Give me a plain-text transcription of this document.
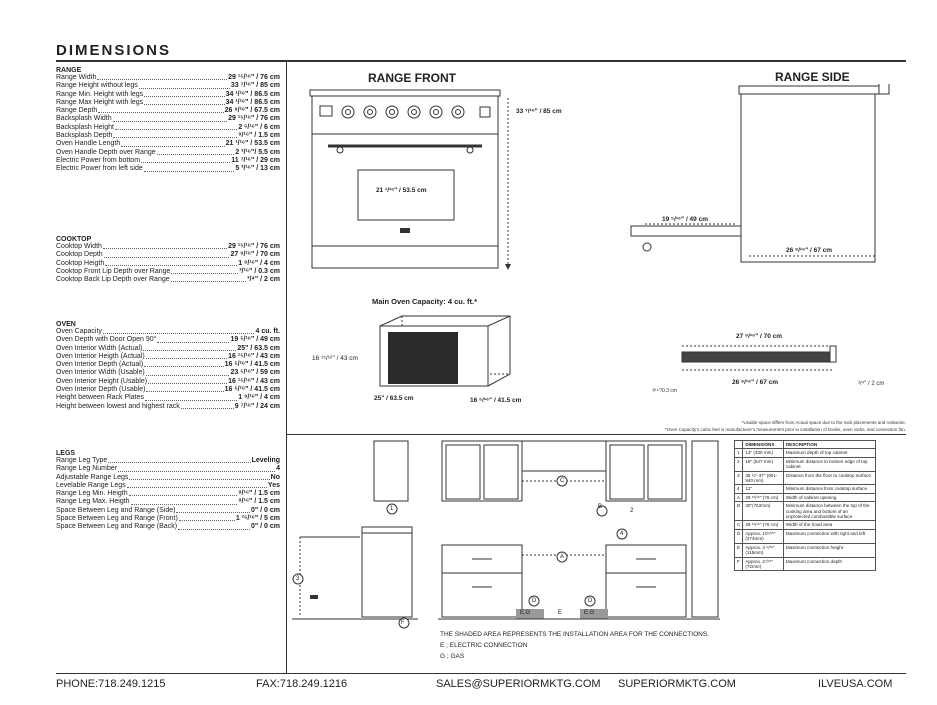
DIMENSIONS
RANGE
Range Width	29 ¹⁵/¹⁶" / 76 cm
Range Height without legs	33 ⁷/¹⁶" / 85 cm
Range Min. Height with legs	34 ¹/¹⁶" / 86.5 cm
Range Max Height with legs	34 ¹/¹⁶" / 86.5 cm
Range Depth	26 ⁹/¹⁶" / 67.5 cm
Backsplash Width	29 ¹⁵/¹⁶" / 76 cm
Backsplash Height	2 ⁶/¹⁶" / 6 cm
Backsplash Depth	⁹/¹⁶" / 1.5 cm
Oven Handle Length	21 ¹/¹⁶" / 53.5 cm
Oven Handle Depth over Range	2 ³/¹⁶"/ 5.5 cm
Electric Power from bottom	11 ⁷/¹⁶" / 29 cm
Electric Power from left side	5 ³/¹⁶" / 13 cm
COOKTOP
Cooktop Width	29 ¹⁵/¹⁶" / 76 cm
Cooktop Depth	27 ⁹/¹⁶" / 70 cm
Cooktop Heigth	1 ⁹/¹⁶" / 4 cm
Cooktop Front Lip Depth over Range	³/¹⁶" / 0.3 cm
Cooktop Back Lip Depth over Range	³/⁴" / 2 cm
OVEN
Oven Capacity	4 cu. ft.
Oven Depth with Door Open 90°	19 ⁵/¹⁶" / 49 cm
Oven Interior Width (Actual)	25" / 63.5 cm
Oven Interior Heigth (Actual)	16 ¹⁵/¹⁶" / 43 cm
Oven Interior Depth (Actual)	16 ⁵/¹⁶" / 41.5 cm
Oven Interior Width (Usable)	23 ⁵/¹⁶" / 59 cm
Oven Interior Height (Usable)	16 ¹⁵/¹⁶" / 43 cm
Oven Interior Depth (Usable)	16 ⁵/¹⁶" / 41.5 cm
Height between Rack Plates	1 ⁹/¹⁶" / 4 cm
Height between lowest and highest rack	9 ⁷/¹⁶" / 24 cm
LEGS
Range Leg Type	Leveling
Range Leg Number	4
Adjustable Range Legs	No
Levelable Range Legs	Yes
Range Leg Min. Heigth	⁹/¹⁶" / 1.5 cm
Range Leg Max. Heigth	⁹/¹⁶" / 1.5 cm
Space Between Leg and Range (Side)	0" / 0 cm
Space Between Leg and Range (Front)	1 ¹⁵/¹⁶" / 5 cm
Space Between Leg and Range (Back)	0" / 0 cm
RANGE FRONT
33 ⁷/¹⁶" / 85 cm
21 ¹/¹⁶" / 53.5 cm
RANGE SIDE
19 ⁵/¹⁶" / 49 cm
26 ⁹/¹⁶" / 67 cm
Main Oven Capacity: 4 cu. ft.*
16 ¹⁵/¹⁶" / 43 cm
25" / 63.5 cm	16 ⁵/¹⁶" / 41.5 cm
27 ⁹/¹⁶" / 70 cm
26 ⁹/¹⁶" / 67 cm
³/¹⁶"/0.3 cm
³/⁴" / 2 cm
*Usable space differs from Actual space due to the rack placements and rotisserie.
*Oven Capacity's cubic feet is manufacturer's measurement prior to installation of broiler, oven racks, and convection fan.
1	2
3
4
A
B
C
D	D
F
E.G	E	E.G
THE SHADED AREA REPRESENTS THE INSTALLATION AREA FOR THE CONNECTIONS.
E ; ELECTRIC CONNECTION
G ; GAS
	DIMENSIONS	DESCRIPTION
1	13" (330 mm)	Maximum depth of top cabinet
2	18" (547 mm)	Minimum distance to bottom edge of top cabinet
3	35 ½"-37" (901-940 mm)	Distance from the floor to cooktop surface
4	12"	Minimum distance from cooktop surface
A	29 ¹⁵/¹⁶" (76 cm)	Width of cabinet opening
B	30"(762mm)	Minimum distance between the top of the cooking area and bottom of an unprotected combustible surface
C	29 ¹⁵/¹⁶" (76 cm)	Width of the hood area
D	Approx. 10⁷/¹⁶" (274mm)	Maximum connection with right and left
E	Approx. 4 ⁹/¹⁶" (115mm)	Maximum connection height
F	Approx. 2⁷/¹⁶" (72mm)	Maximum connection depth
PHONE:718.249.1215	FAX:718.249.1216	SALES@SUPERIORMKTG.COM SUPERIORMKTG.COM	ILVEUSA.COM
